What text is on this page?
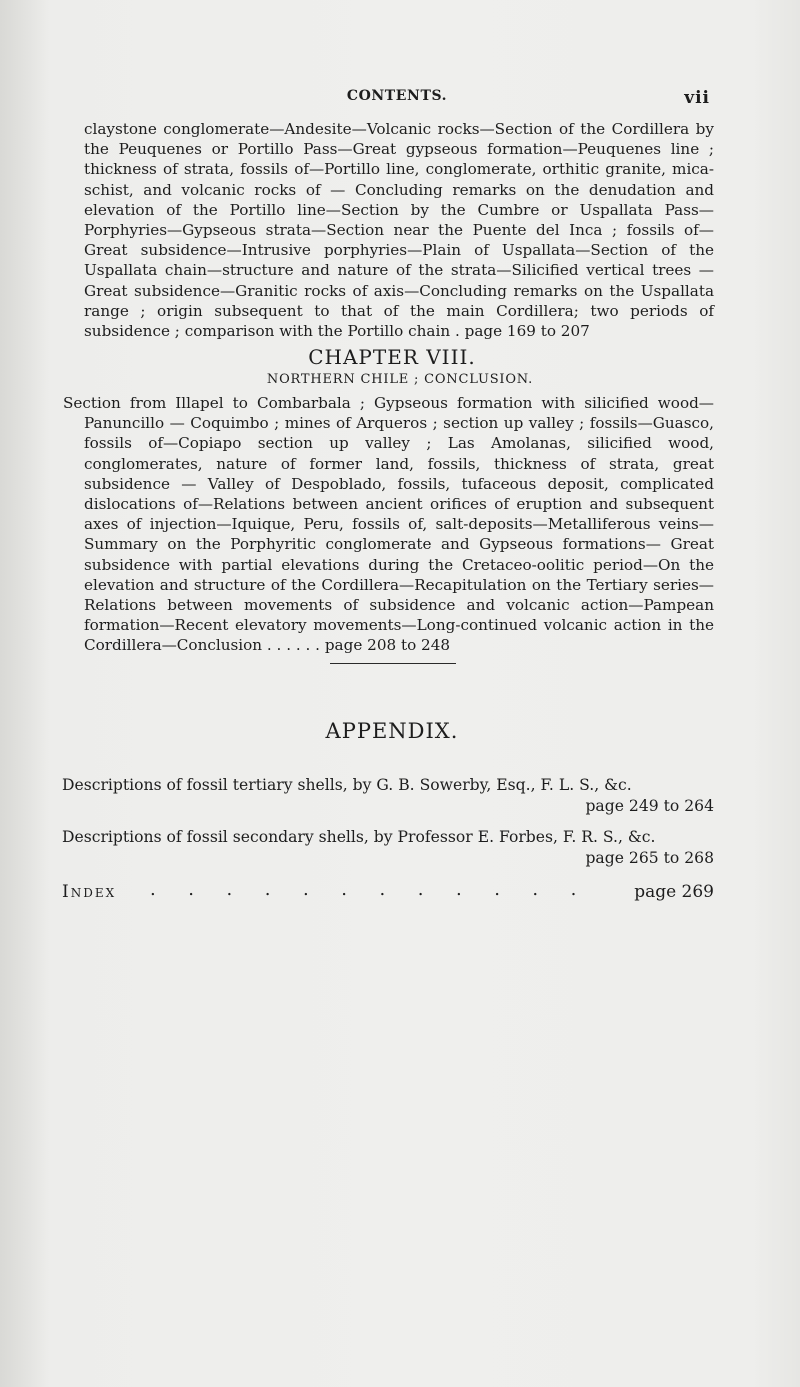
CONTENTS.	vii
claystone conglomerate—Andesite—Volcanic rocks—Section of the Cordillera by the Peuquenes or Portillo Pass—Great gypseous formation—Peuquenes line ; thickness of strata, fossils of—Portillo line, conglomerate, orthitic granite, mica-schist, and volcanic rocks of — Concluding remarks on the denudation and elevation of the Portillo line—Section by the Cumbre or Uspallata Pass—Porphyries—Gypseous strata—Section near the Puente del Inca ; fossils of—Great subsidence—Intrusive porphyries—Plain of Uspallata—Section of the Uspallata chain—structure and nature of the strata—Silicified vertical trees —Great subsidence—Granitic rocks of axis—Concluding remarks on the Uspallata range ; origin subsequent to that of the main Cordillera; two periods of subsidence ; comparison with the Portillo chain . page 169 to 207
CHAPTER VIII.
NORTHERN CHILE ; CONCLUSION.
Section from Illapel to Combarbala ; Gypseous formation with silicified wood—Panuncillo — Coquimbo ; mines of Arqueros ; section up valley ; fossils—Guasco, fossils of—Copiapo section up valley ; Las Amolanas, silicified wood, conglomerates, nature of former land, fossils, thickness of strata, great subsidence — Valley of Despoblado, fossils, tufaceous deposit, complicated dislocations of—Relations between ancient orifices of eruption and subsequent axes of injection—Iquique, Peru, fossils of, salt-deposits—Metalliferous veins—Summary on the Porphyritic conglomerate and Gypseous formations— Great subsidence with partial elevations during the Cretaceo-oolitic period—On the elevation and structure of the Cordillera—Recapitulation on the Tertiary series—Relations between movements of subsidence and volcanic action—Pampean formation—Recent elevatory movements—Long-continued volcanic action in the Cordillera—Conclusion . . . . . . page 208 to 248
APPENDIX.
Descriptions of fossil tertiary shells, by G. B. Sowerby, Esq., F. L. S., &c.
page 249 to 264
Descriptions of fossil secondary shells, by Professor E. Forbes, F. R. S., &c.
page 265 to 268
Index . . . . . . . . . . . .	page 269
